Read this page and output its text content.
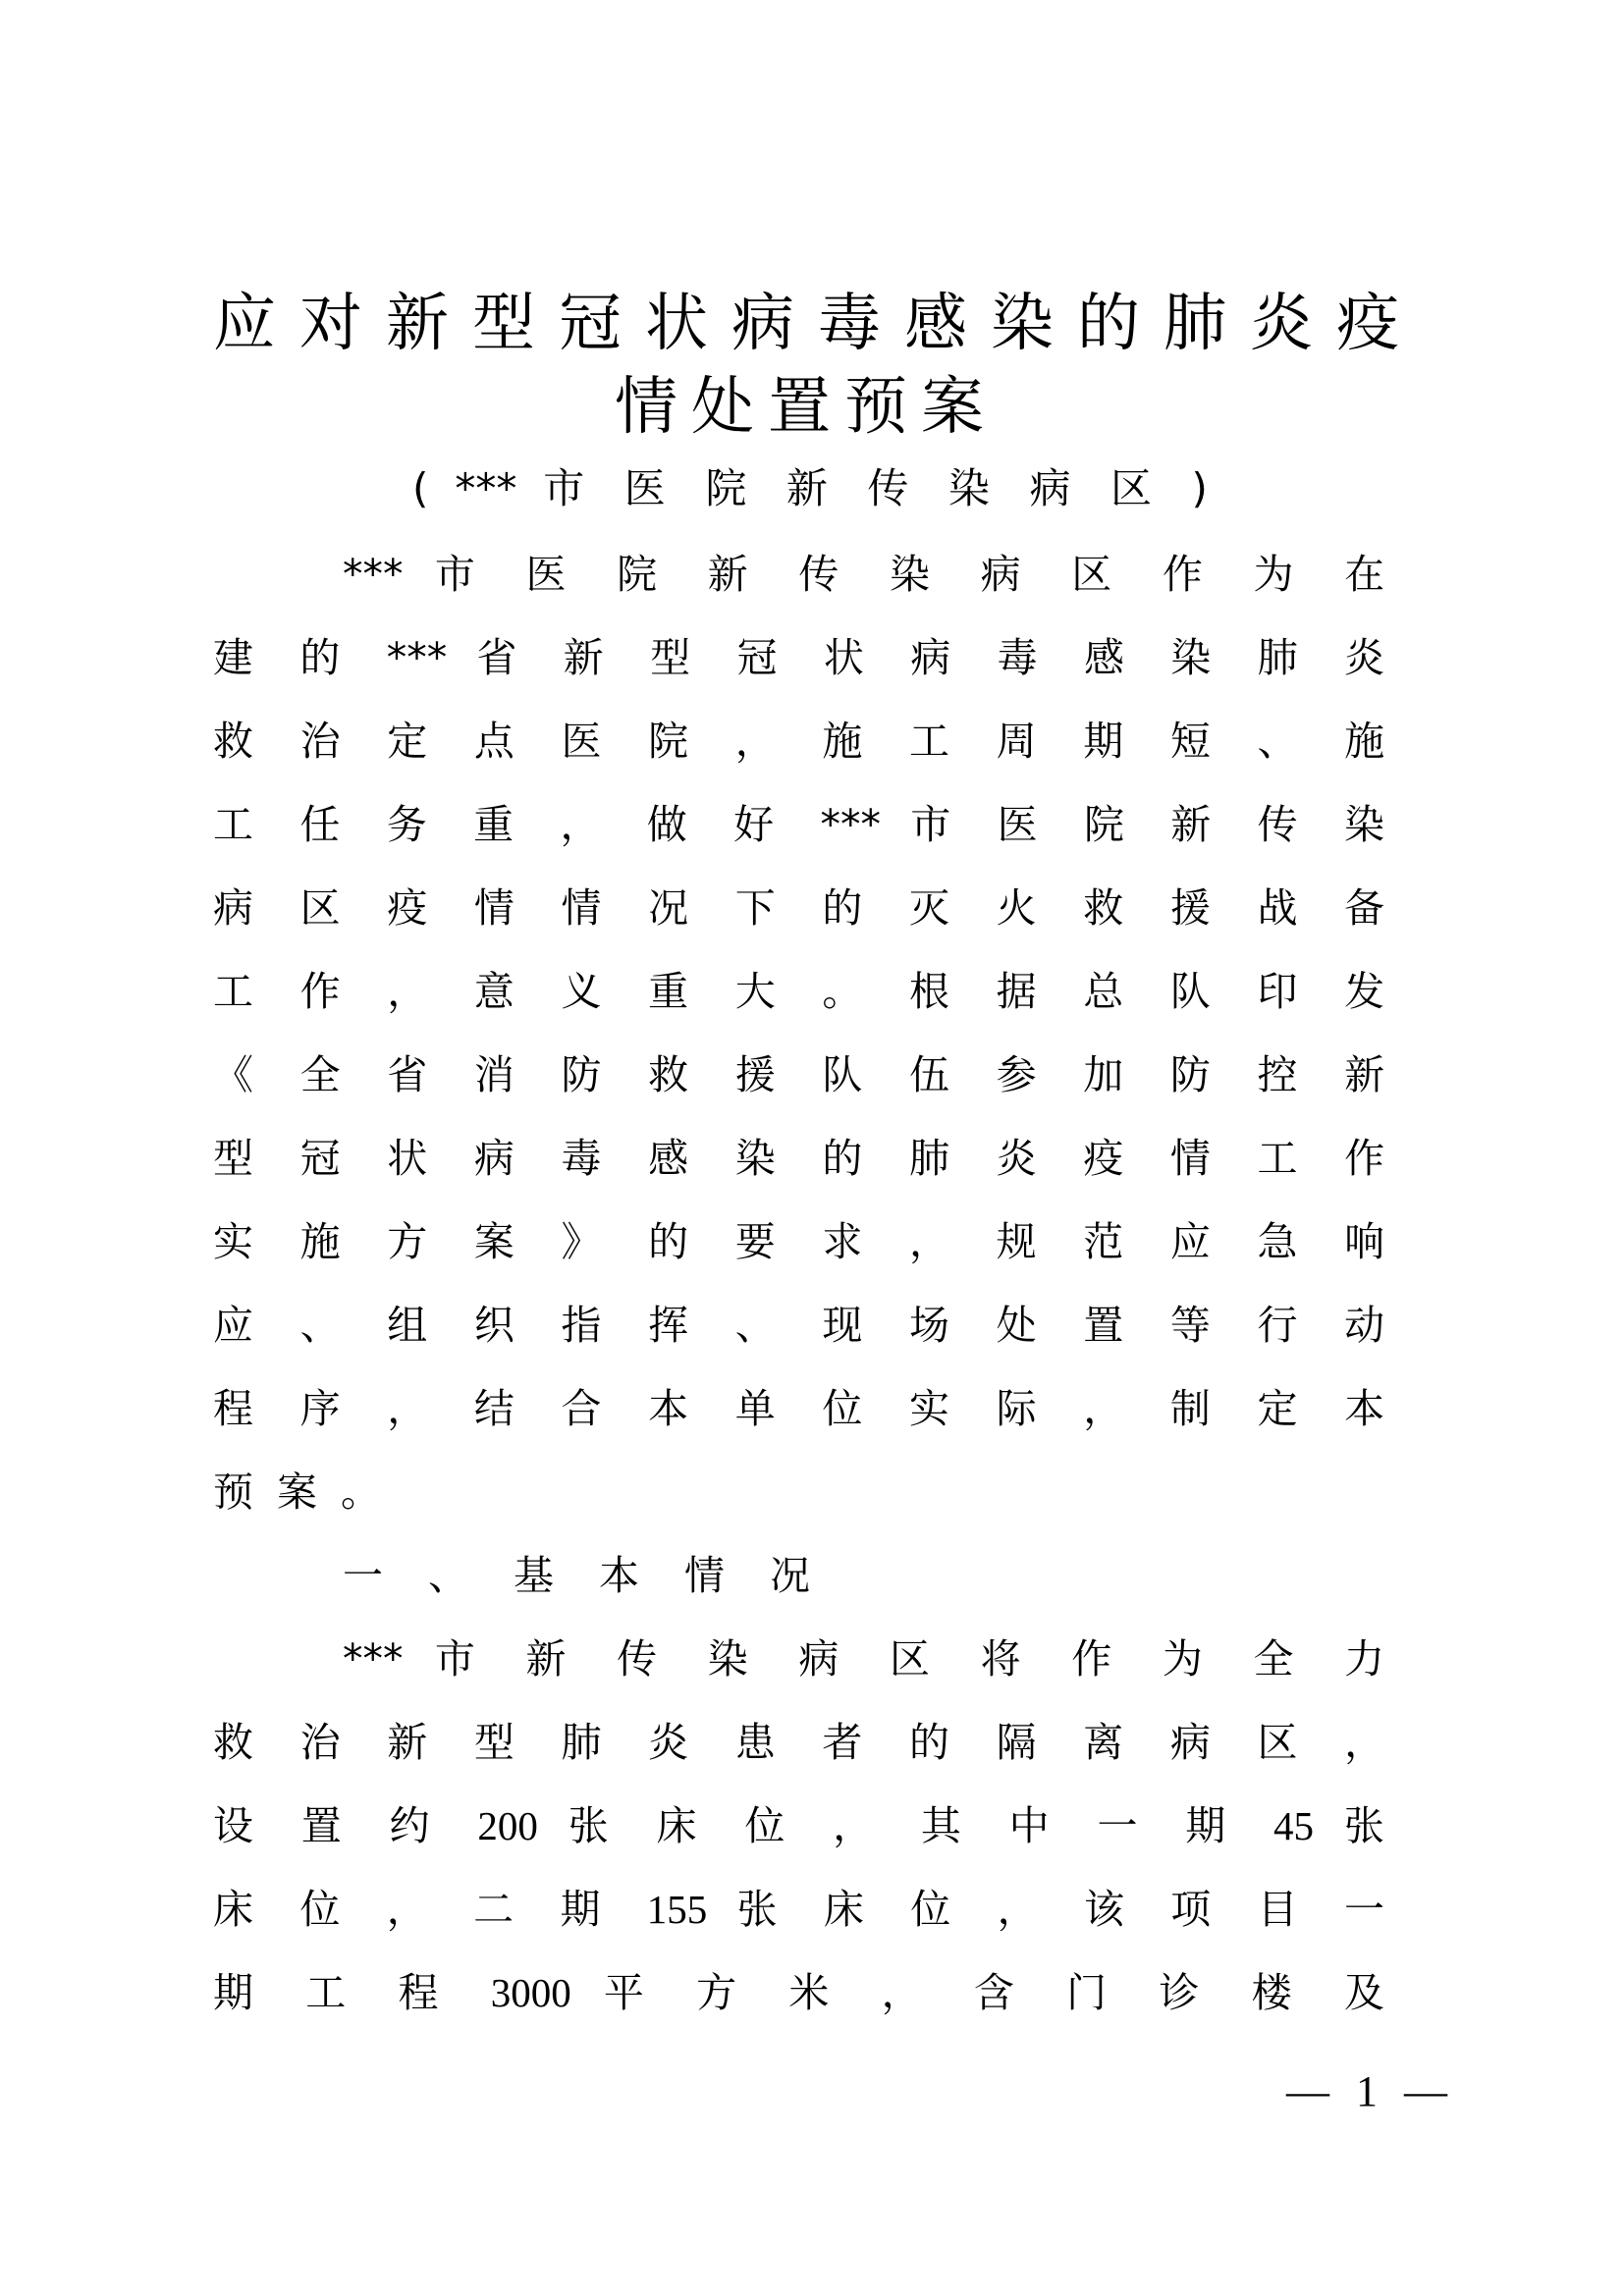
应 对 新 型 冠 状 病 毒 感 染 的 肺 炎 疫
情处置预案
( *** 市 医 院 新 传 染 病 区 )
*** 市 医 院 新 传 染 病 区 作 为 在
建 的 *** 省 新 型 冠 状 病 毒 感 染 肺 炎
救 治 定 点 医 院 ， 施 工 周 期 短 、 施
工 任 务 重 ， 做 好 *** 市 医 院 新 传 染
病 区 疫 情 情 况 下 的 灭 火 救 援 战 备
工 作 ， 意 义 重 大 。 根 据 总 队 印 发
《 全 省 消 防 救 援 队 伍 参 加 防 控 新
型 冠 状 病 毒 感 染 的 肺 炎 疫 情 工 作
实 施 方 案 》 的 要 求 ， 规 范 应 急 响
应 、 组 织 指 挥 、 现 场 处 置 等 行 动
程 序 ， 结 合 本 单 位 实 际 ， 制 定 本
预案。
一、基本情况
*** 市 新 传 染 病 区 将 作 为 全 力
救 治 新 型 肺 炎 患 者 的 隔 离 病 区 ，
设 置 约 200 张 床 位 ， 其 中 一 期 45 张
床 位 ， 二 期 155 张 床 位 ， 该 项 目 一
期 工 程 3000 平 方 米 ， 含 门 诊 楼 及
— 1 —
